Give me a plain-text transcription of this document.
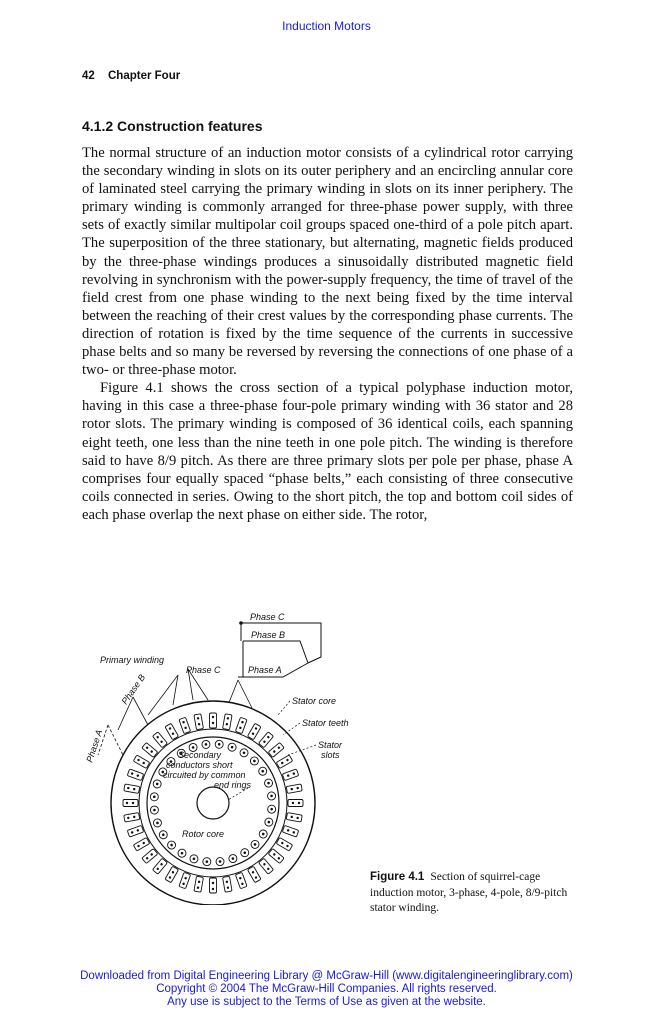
Induction Motors
42 Chapter Four
4.1.2 Construction features

The normal structure of an induction motor consists of a cylindrical rotor carrying the secondary winding in slots on its outer periphery and an encircling annular core of laminated steel carrying the primary winding in slots on its inner periphery. The primary winding is commonly arranged for three-phase power supply, with three sets of exactly similar multipolar coil groups spaced one-third of a pole pitch apart. The superposition of the three stationary, but alternating, magnetic fields produced by the three-phase windings produces a sinusoidally distributed magnetic field revolving in synchronism with the power-supply frequency, the time of travel of the field crest from one phase winding to the next being fixed by the time interval between the reaching of their crest values by the corresponding phase currents. The direction of rotation is fixed by the time sequence of the currents in successive phase belts and so many be reversed by reversing the connections of one phase of a two- or three-phase motor.

Figure 4.1 shows the cross section of a typical polyphase induction motor, having in this case a three-phase four-pole primary winding with 36 stator and 28 rotor slots. The primary winding is composed of 36 identical coils, each spanning eight teeth, one less than the nine teeth in one pole pitch. The winding is therefore said to have 8/9 pitch. As there are three primary slots per pole per phase, phase A comprises four equally spaced “phase belts,” each consisting of three consecutive coils connected in series. Owing to the short pitch, the top and bottom coil sides of each phase overlap the next phase on either side. The rotor,

Phase C
Phase B
Primary winding
Phase C	Phase A
Phase B
Phase A
Stator core
Stator teeth
Stator
slots
Secondary
conductors short
circuited by common
end rings
Rotor core
Figure 4.1 Section of squirrel-cage induction motor, 3-phase, 4-pole, 8/9-pitch stator winding.
Downloaded from Digital Engineering Library @ McGraw-Hill (www.digitalengineeringlibrary.com)
Copyright © 2004 The McGraw-Hill Companies. All rights reserved.
Any use is subject to the Terms of Use as given at the website.
